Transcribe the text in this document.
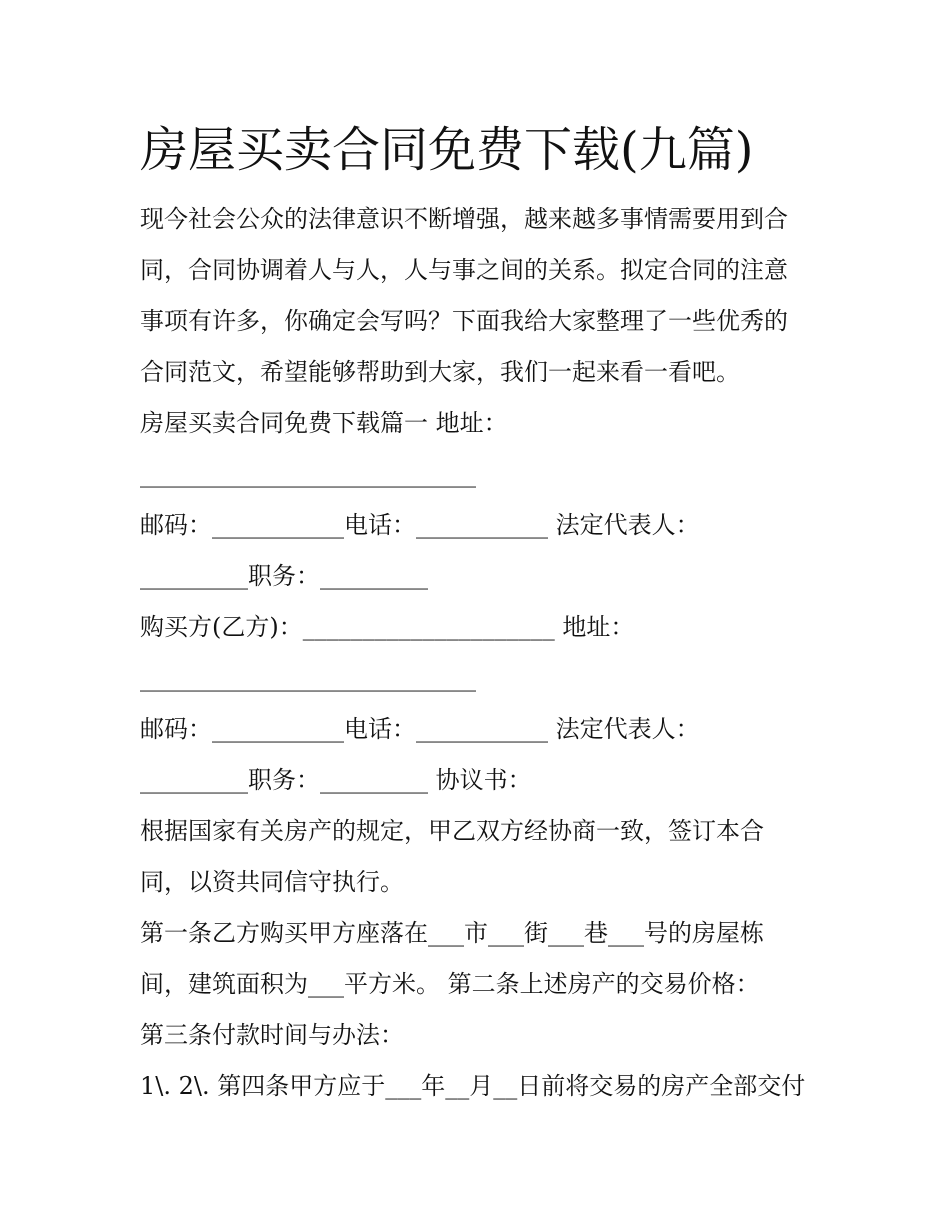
房屋买卖合同免费下载(九篇)

现今社会公众的法律意识不断增强，越来越多事情需要用到合

同，合同协调着人与人，人与事之间的关系。拟定合同的注意

事项有许多，你确定会写吗？下面我给大家整理了一些优秀的

合同范文，希望能够帮助到大家，我们一起来看一看吧。

房屋买卖合同免费下载篇一 地址：

____________________________

邮码：___________电话：___________ 法定代表人：

_________职务：_________

购买方(乙方)：_____________________ 地址：

____________________________

邮码：___________电话：___________ 法定代表人：

_________职务：_________ 协议书：

根据国家有关房产的规定，甲乙双方经协商一致，签订本合

同，以资共同信守执行。

第一条乙方购买甲方座落在___市___街___巷___号的房屋栋

间，建筑面积为___平方米。 第二条上述房产的交易价格：

第三条付款时间与办法：

1\. 2\. 第四条甲方应于___年__月__日前将交易的房产全部交付
